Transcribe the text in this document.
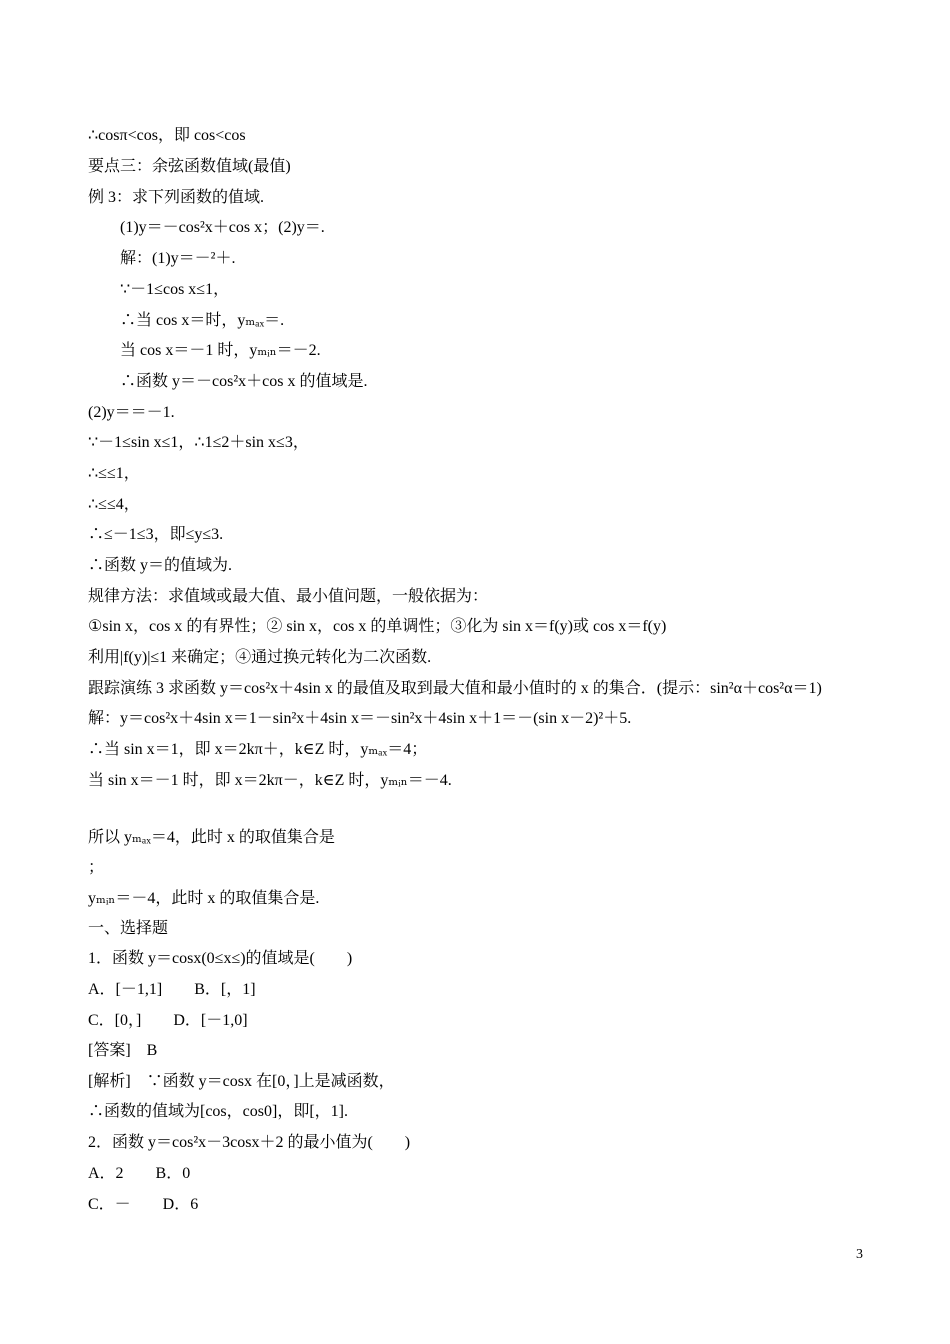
∴cosπ<cos，即 cos<cos
要点三：余弦函数值域(最值)
例 3：求下列函数的值域.
(1)y＝－cos²x＋cos x；(2)y＝.
解：(1)y＝－²＋.
∵－1≤cos x≤1，
∴当 cos x＝时，yₘₐₓ＝.
当 cos x＝－1 时，yₘᵢₙ＝－2.
∴函数 y＝－cos²x＋cos x 的值域是.
(2)y＝＝－1.
∵－1≤sin x≤1，∴1≤2＋sin x≤3，
∴≤≤1，
∴≤≤4，
∴≤－1≤3，即≤y≤3.
∴函数 y＝的值域为.
规律方法：求值域或最大值、最小值问题，一般依据为：
①sin x，cos x 的有界性；② sin x，cos x 的单调性；③化为 sin x＝f(y)或 cos x＝f(y)
利用|f(y)|≤1 来确定；④通过换元转化为二次函数.
跟踪演练 3 求函数 y＝cos²x＋4sin x 的最值及取到最大值和最小值时的 x 的集合．(提示：sin²α＋cos²α＝1)
解：y＝cos²x＋4sin x＝1－sin²x＋4sin x＝－sin²x＋4sin x＋1＝－(sin x－2)²＋5.
∴当 sin x＝1，即 x＝2kπ＋，k∈Z 时，yₘₐₓ＝4；
当 sin x＝－1 时，即 x＝2kπ－，k∈Z 时，yₘᵢₙ＝－4.
所以 yₘₐₓ＝4，此时 x 的取值集合是
；
yₘᵢₙ＝－4，此时 x 的取值集合是.
一、选择题
1．函数 y＝cosx(0≤x≤)的值域是(　　)
A．[－1,1]　　B．[，1]
C．[0，]　　D．[－1,0]
[答案]　B
[解析]　∵函数 y＝cosx 在[0，]上是减函数，
∴函数的值域为[cos，cos0]，即[，1].
2．函数 y＝cos²x－3cosx＋2 的最小值为(　　)
A．2　　B．0
C．－　　D．6
3
